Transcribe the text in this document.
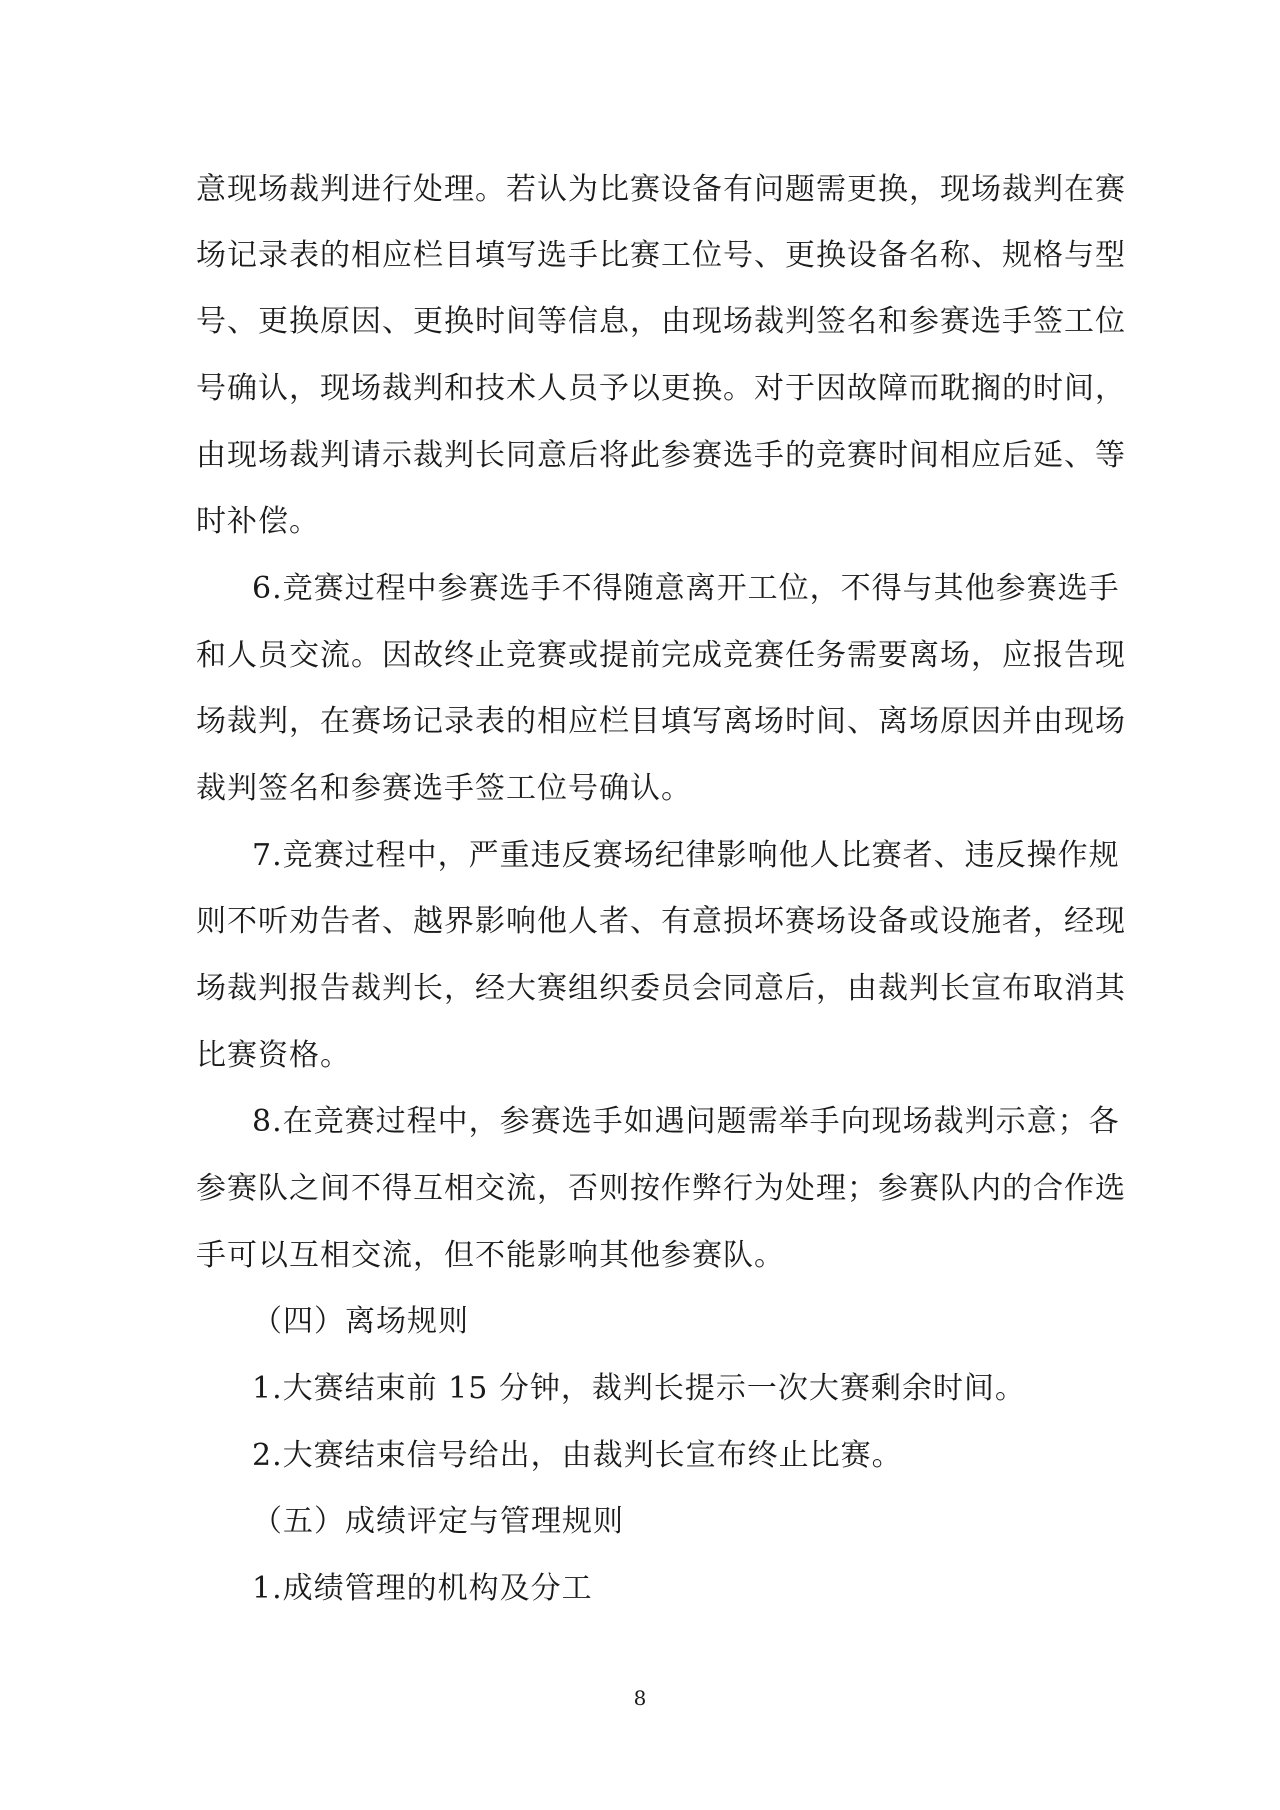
意现场裁判进行处理。若认为比赛设备有问题需更换，现场裁判在赛
场记录表的相应栏目填写选手比赛工位号、更换设备名称、规格与型
号、更换原因、更换时间等信息，由现场裁判签名和参赛选手签工位
号确认，现场裁判和技术人员予以更换。对于因故障而耽搁的时间，
由现场裁判请示裁判长同意后将此参赛选手的竞赛时间相应后延、等
时补偿。
6.竞赛过程中参赛选手不得随意离开工位，不得与其他参赛选手
和人员交流。因故终止竞赛或提前完成竞赛任务需要离场，应报告现
场裁判，在赛场记录表的相应栏目填写离场时间、离场原因并由现场
裁判签名和参赛选手签工位号确认。
7.竞赛过程中，严重违反赛场纪律影响他人比赛者、违反操作规
则不听劝告者、越界影响他人者、有意损坏赛场设备或设施者，经现
场裁判报告裁判长，经大赛组织委员会同意后，由裁判长宣布取消其
比赛资格。
8.在竞赛过程中，参赛选手如遇问题需举手向现场裁判示意；各
参赛队之间不得互相交流，否则按作弊行为处理；参赛队内的合作选
手可以互相交流，但不能影响其他参赛队。
（四）离场规则
1.大赛结束前 15 分钟，裁判长提示一次大赛剩余时间。
2.大赛结束信号给出，由裁判长宣布终止比赛。
（五）成绩评定与管理规则
1.成绩管理的机构及分工
8
